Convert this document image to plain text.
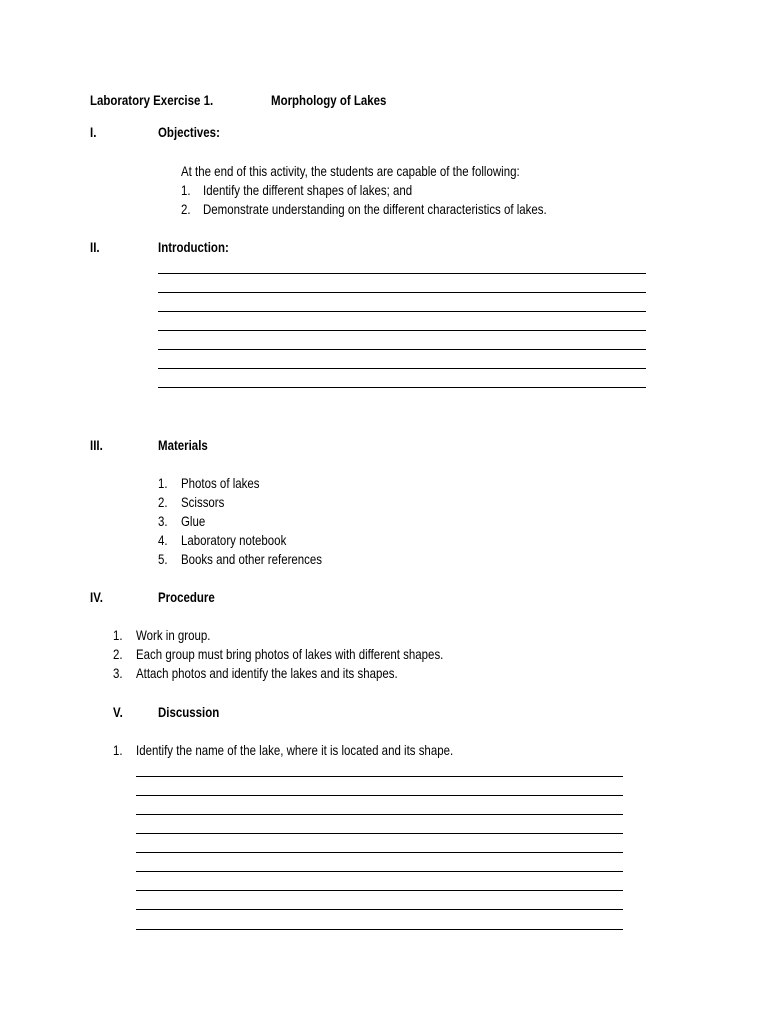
Laboratory Exercise 1.	Morphology of Lakes
I.	Objectives:
At the end of this activity, the students are capable of the following:
1. Identify the different shapes of lakes; and
2. Demonstrate understanding on the different characteristics of lakes.
II.	Introduction:
III.	Materials
1. Photos of lakes
2. Scissors
3. Glue
4. Laboratory notebook
5. Books and other references
IV.	Procedure
1. Work in group.
2. Each group must bring photos of lakes with different shapes.
3. Attach photos and identify the lakes and its shapes.
V.	Discussion
1. Identify the name of the lake, where it is located and its shape.
